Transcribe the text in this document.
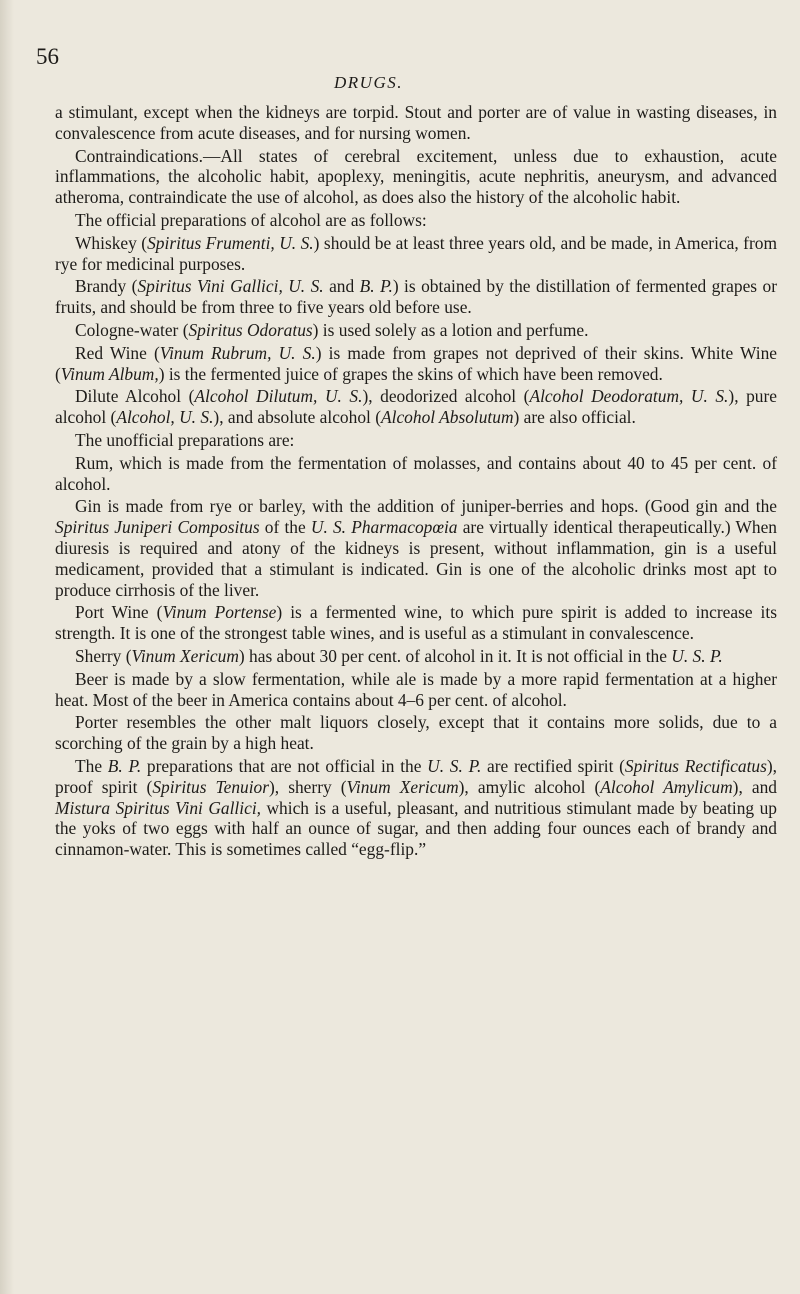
56
DRUGS.

a stimulant, except when the kidneys are torpid. Stout and porter are of value in wasting diseases, in convalescence from acute diseases, and for nursing women.

Contraindications.—All states of cerebral excitement, unless due to exhaustion, acute inflammations, the alcoholic habit, apoplexy, meningitis, acute nephritis, aneurysm, and advanced atheroma, contraindicate the use of alcohol, as does also the history of the alcoholic habit.

The official preparations of alcohol are as follows:

Whiskey (Spiritus Frumenti, U. S.) should be at least three years old, and be made, in America, from rye for medicinal purposes.

Brandy (Spiritus Vini Gallici, U. S. and B. P.) is obtained by the distillation of fermented grapes or fruits, and should be from three to five years old before use.

Cologne-water (Spiritus Odoratus) is used solely as a lotion and perfume.

Red Wine (Vinum Rubrum, U. S.) is made from grapes not deprived of their skins. White Wine (Vinum Album,) is the fermented juice of grapes the skins of which have been removed.

Dilute Alcohol (Alcohol Dilutum, U. S.), deodorized alcohol (Alcohol Deodoratum, U. S.), pure alcohol (Alcohol, U. S.), and absolute alcohol (Alcohol Absolutum) are also official.

The unofficial preparations are:

Rum, which is made from the fermentation of molasses, and contains about 40 to 45 per cent. of alcohol.

Gin is made from rye or barley, with the addition of juniper-berries and hops. (Good gin and the Spiritus Juniperi Compositus of the U. S. Pharmacopœia are virtually identical therapeutically.) When diuresis is required and atony of the kidneys is present, without inflammation, gin is a useful medicament, provided that a stimulant is indicated. Gin is one of the alcoholic drinks most apt to produce cirrhosis of the liver.

Port Wine (Vinum Portense) is a fermented wine, to which pure spirit is added to increase its strength. It is one of the strongest table wines, and is useful as a stimulant in convalescence.

Sherry (Vinum Xericum) has about 30 per cent. of alcohol in it. It is not official in the U. S. P.

Beer is made by a slow fermentation, while ale is made by a more rapid fermentation at a higher heat. Most of the beer in America contains about 4–6 per cent. of alcohol.

Porter resembles the other malt liquors closely, except that it contains more solids, due to a scorching of the grain by a high heat.

The B. P. preparations that are not official in the U. S. P. are rectified spirit (Spiritus Rectificatus), proof spirit (Spiritus Tenuior), sherry (Vinum Xericum), amylic alcohol (Alcohol Amylicum), and Mistura Spiritus Vini Gallici, which is a useful, pleasant, and nutritious stimulant made by beating up the yoks of two eggs with half an ounce of sugar, and then adding four ounces each of brandy and cinnamon-water. This is sometimes called “egg-flip.”
